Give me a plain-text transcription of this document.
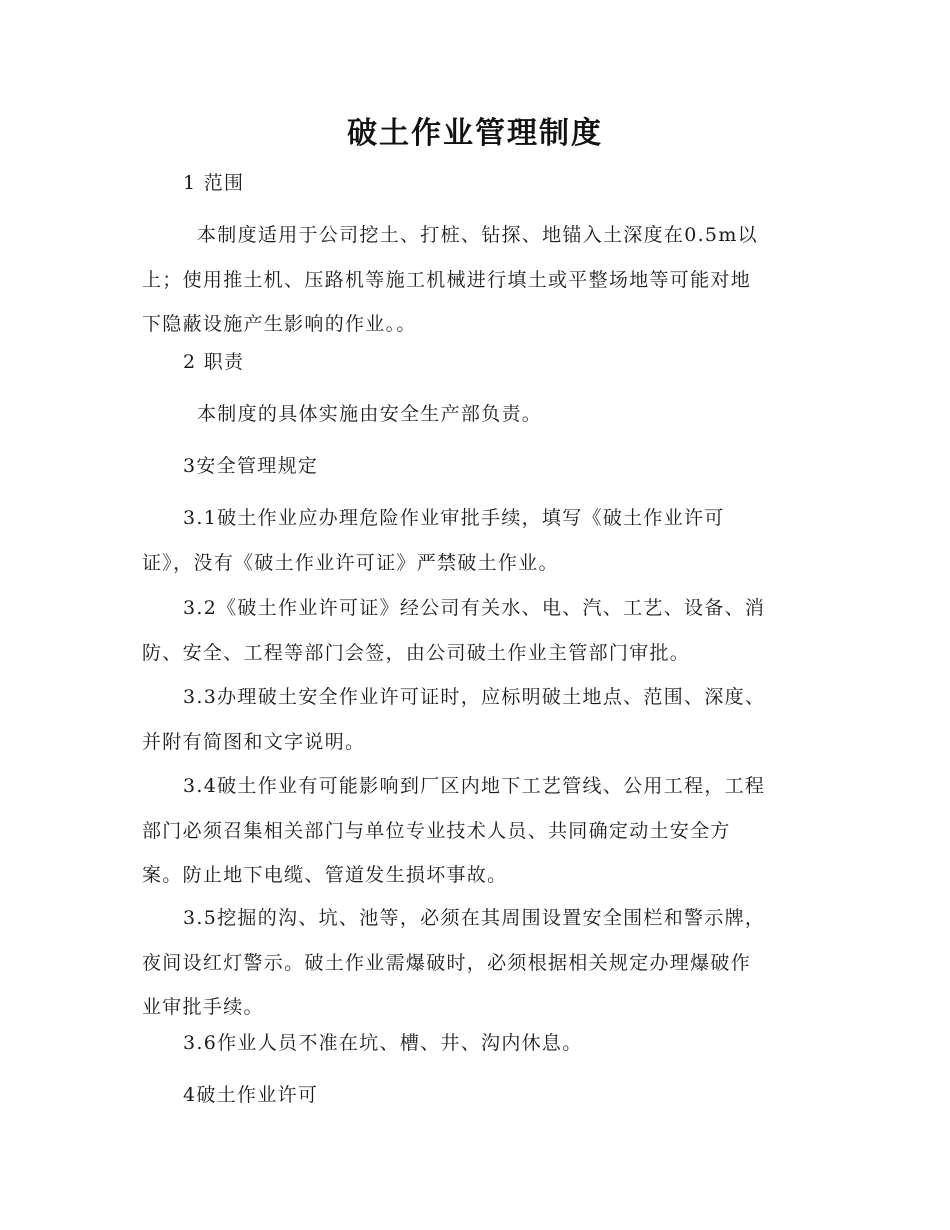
破土作业管理制度
1 范围
本制度适用于公司挖土、打桩、钻探、地锚入土深度在0.5m以
上；使用推土机、压路机等施工机械进行填土或平整场地等可能对地
下隐蔽设施产生影响的作业。。
2 职责
本制度的具体实施由安全生产部负责。
3安全管理规定
3.1破土作业应办理危险作业审批手续，填写《破土作业许可
证》，没有《破土作业许可证》严禁破土作业。
3.2《破土作业许可证》经公司有关水、电、汽、工艺、设备、消
防、安全、工程等部门会签，由公司破土作业主管部门审批。
3.3办理破土安全作业许可证时，应标明破土地点、范围、深度、
并附有简图和文字说明。
3.4破土作业有可能影响到厂区内地下工艺管线、公用工程，工程
部门必须召集相关部门与单位专业技术人员、共同确定动土安全方
案。防止地下电缆、管道发生损坏事故。
3.5挖掘的沟、坑、池等，必须在其周围设置安全围栏和警示牌，
夜间设红灯警示。破土作业需爆破时，必须根据相关规定办理爆破作
业审批手续。
3.6作业人员不准在坑、槽、井、沟内休息。
4破土作业许可
